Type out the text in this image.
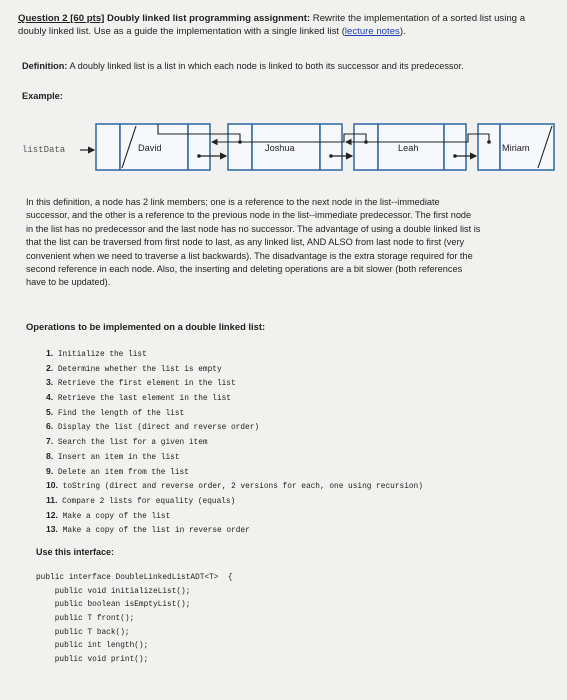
Question 2 [60 pts] Doubly linked list programming assignment: Rewrite the implementation of a sorted list using a
doubly linked list. Use as a guide the implementation with a single linked list (lecture notes).
Definition: A doubly linked list is a list in which each node is linked to both its successor and its predecessor.
Example:
listData	David	Joshua	Leah	Miriam
In this definition, a node has 2 link members; one is a reference to the next node in the list--immediate
successor, and the other is a reference to the previous node in the list--immediate predecessor. The first node
in the list has no predecessor and the last node has no successor. The advantage of using a double linked list is
that the list can be traversed from first node to last, as any linked list, AND ALSO from last node to first (very
convenient when we need to traverse a list backwards). The disadvantage is the extra storage required for the
second reference in each node. Also, the inserting and deleting operations are a bit slower (both references
have to be updated).
Operations to be implemented on a double linked list:
1. Initialize the list
2. Determine whether the list is empty
3. Retrieve the first element in the list
4. Retrieve the last element in the list
5. Find the length of the list
6. Display the list (direct and reverse order)
7. Search the list for a given item
8. Insert an item in the list
9. Delete an item from the list
10. toString (direct and reverse order, 2 versions for each, one using recursion)
11. Compare 2 lists for equality (equals)
12. Make a copy of the list
13. Make a copy of the list in reverse order
Use this interface:
public interface DoubleLinkedListADT<T>  {
public void initializeList();
public boolean isEmptyList();
public T front();
public T back();
public int length();
public void print();
